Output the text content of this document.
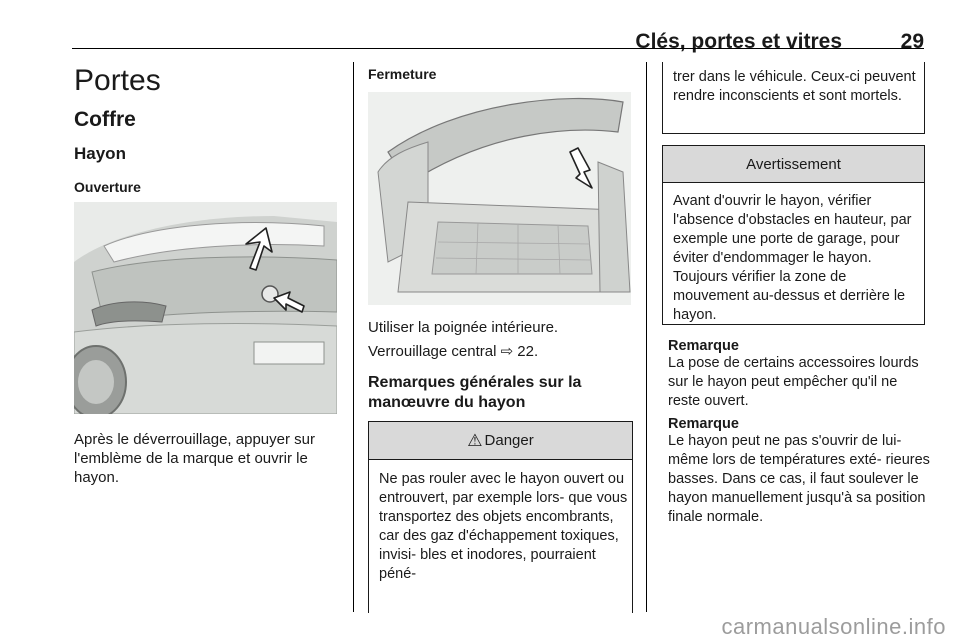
Clés, portes et vitres	29
Portes
Coffre
Hayon
Ouverture
Après le déverrouillage, appuyer sur l'emblème de la marque et ouvrir le hayon.
Fermeture
Utiliser la poignée intérieure.
Verrouillage central ⇨ 22.
Remarques générales sur la manœuvre du hayon
⚠ Danger
Ne pas rouler avec le hayon ouvert ou entrouvert, par exemple lors- que vous transportez des objets encombrants, car des gaz d'échappement toxiques, invisi- bles et inodores, pourraient péné-
trer dans le véhicule. Ceux-ci peuvent rendre inconscients et sont mortels.
Avertissement
Avant d'ouvrir le hayon, vérifier l'absence d'obstacles en hauteur, par exemple une porte de garage, pour éviter d'endommager le hayon. Toujours vérifier la zone de mouvement au-dessus et derrière le hayon.
Remarque
La pose de certains accessoires lourds sur le hayon peut empêcher qu'il ne reste ouvert.
Remarque
Le hayon peut ne pas s'ouvrir de lui- même lors de températures exté- rieures basses. Dans ce cas, il faut soulever le hayon manuellement jusqu'à sa position finale normale.
carmanualsonline.info
